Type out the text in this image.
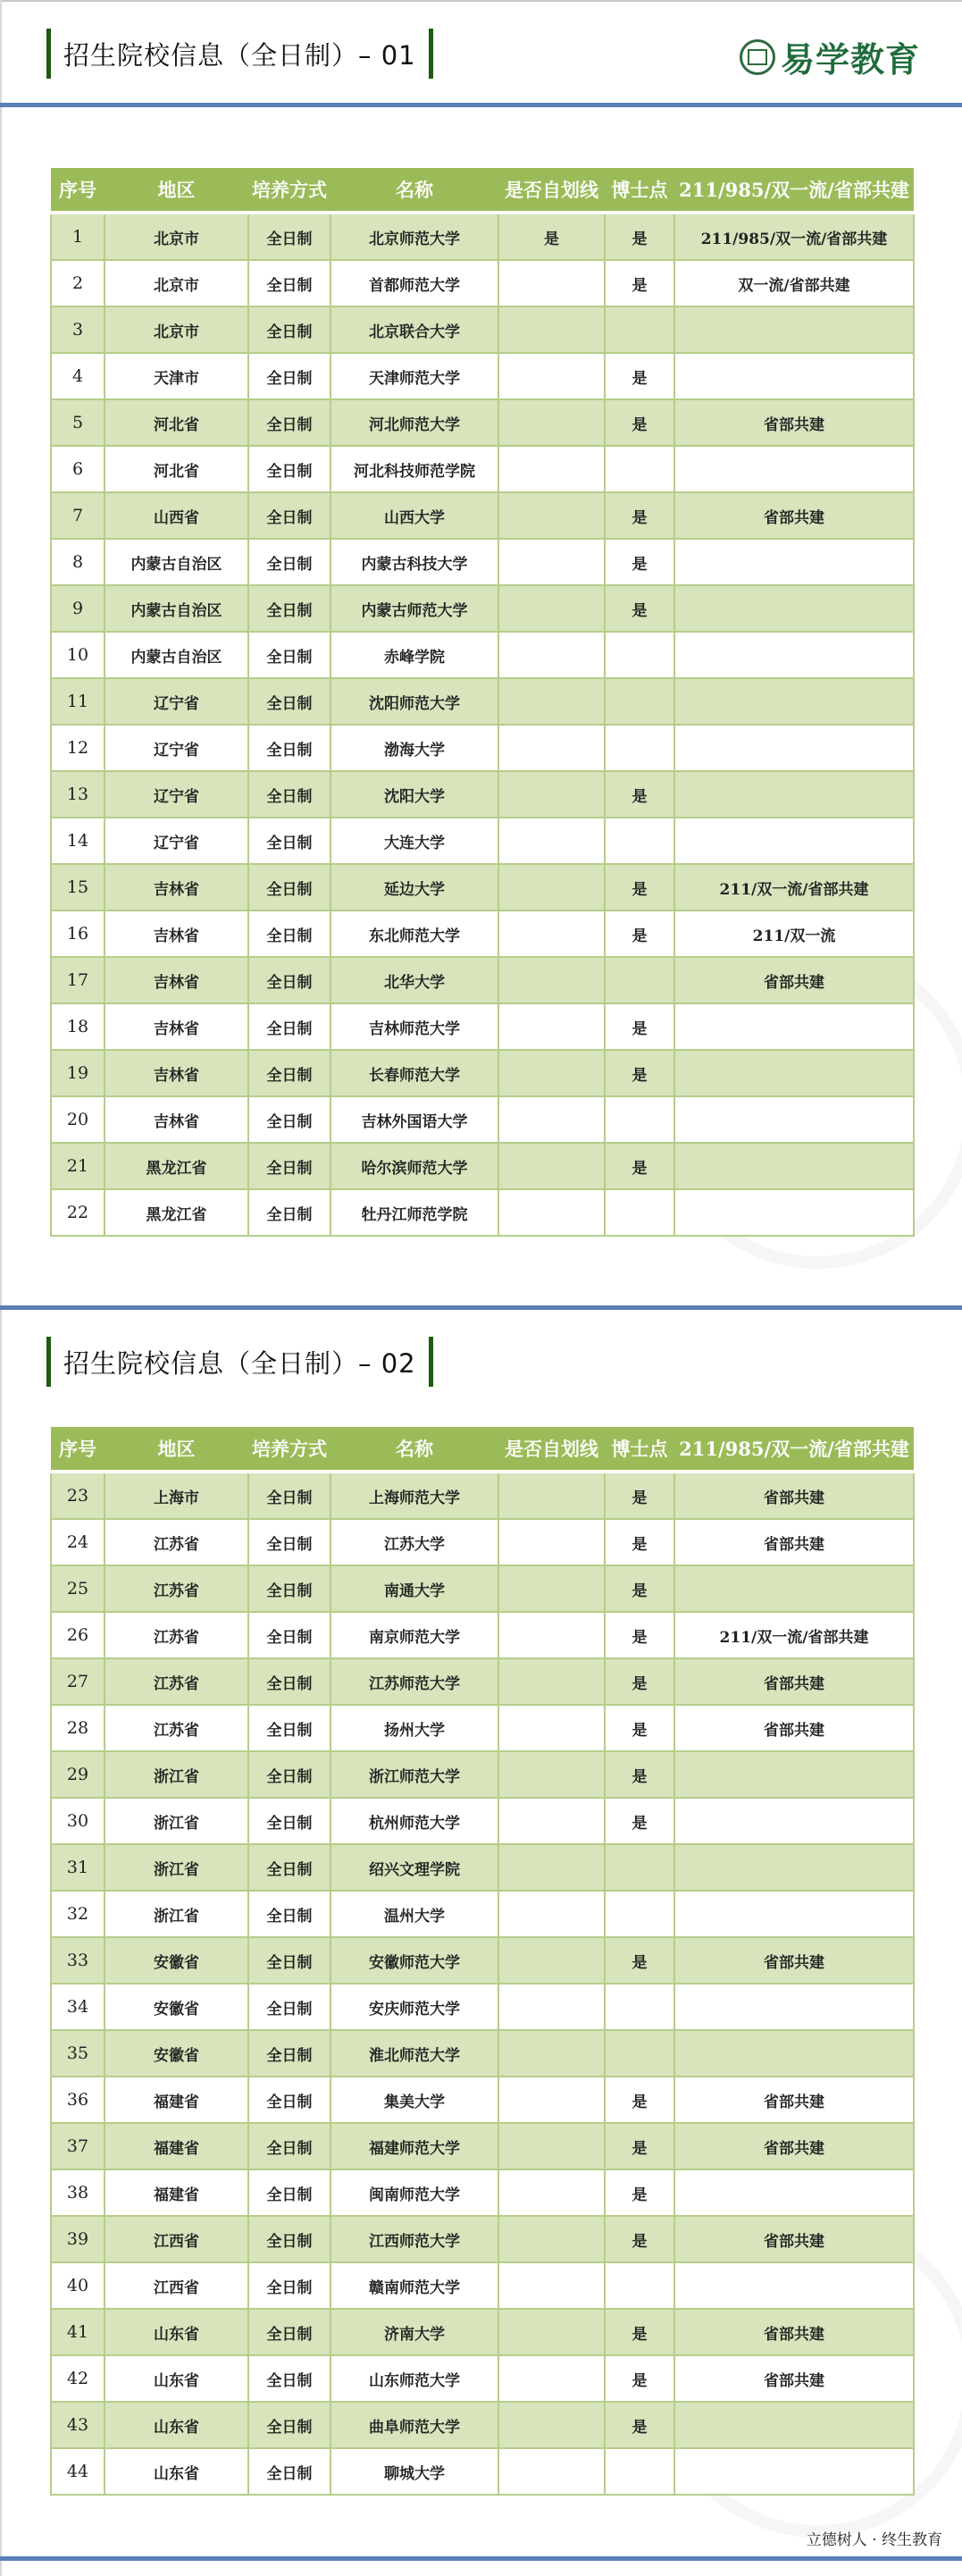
招生院校信息（全日制）– 01	易学教育
序号	地区	培养方式	名称	是否自划线	博士点	211/985/双一流/省部共建
1	北京市	全日制	北京师范大学	是	是	211/985/双一流/省部共建
2	北京市	全日制	首都师范大学		是	双一流/省部共建
3	北京市	全日制	北京联合大学			
4	天津市	全日制	天津师范大学		是	
5	河北省	全日制	河北师范大学		是	省部共建
6	河北省	全日制	河北科技师范学院			
7	山西省	全日制	山西大学		是	省部共建
8	内蒙古自治区	全日制	内蒙古科技大学		是	
9	内蒙古自治区	全日制	内蒙古师范大学		是	
10	内蒙古自治区	全日制	赤峰学院			
11	辽宁省	全日制	沈阳师范大学			
12	辽宁省	全日制	渤海大学			
13	辽宁省	全日制	沈阳大学		是	
14	辽宁省	全日制	大连大学			
15	吉林省	全日制	延边大学		是	211/双一流/省部共建
16	吉林省	全日制	东北师范大学		是	211/双一流
17	吉林省	全日制	北华大学			省部共建
18	吉林省	全日制	吉林师范大学		是	
19	吉林省	全日制	长春师范大学		是	
20	吉林省	全日制	吉林外国语大学			
21	黑龙江省	全日制	哈尔滨师范大学		是	
22	黑龙江省	全日制	牡丹江师范学院			
招生院校信息（全日制）– 02
序号	地区	培养方式	名称	是否自划线	博士点	211/985/双一流/省部共建
23	上海市	全日制	上海师范大学		是	省部共建
24	江苏省	全日制	江苏大学		是	省部共建
25	江苏省	全日制	南通大学		是	
26	江苏省	全日制	南京师范大学		是	211/双一流/省部共建
27	江苏省	全日制	江苏师范大学		是	省部共建
28	江苏省	全日制	扬州大学		是	省部共建
29	浙江省	全日制	浙江师范大学		是	
30	浙江省	全日制	杭州师范大学		是	
31	浙江省	全日制	绍兴文理学院			
32	浙江省	全日制	温州大学			
33	安徽省	全日制	安徽师范大学		是	省部共建
34	安徽省	全日制	安庆师范大学			
35	安徽省	全日制	淮北师范大学			
36	福建省	全日制	集美大学		是	省部共建
37	福建省	全日制	福建师范大学		是	省部共建
38	福建省	全日制	闽南师范大学		是	
39	江西省	全日制	江西师范大学		是	省部共建
40	江西省	全日制	赣南师范大学			
41	山东省	全日制	济南大学		是	省部共建
42	山东省	全日制	山东师范大学		是	省部共建
43	山东省	全日制	曲阜师范大学		是	
44	山东省	全日制	聊城大学			
立德树人 · 终生教育
